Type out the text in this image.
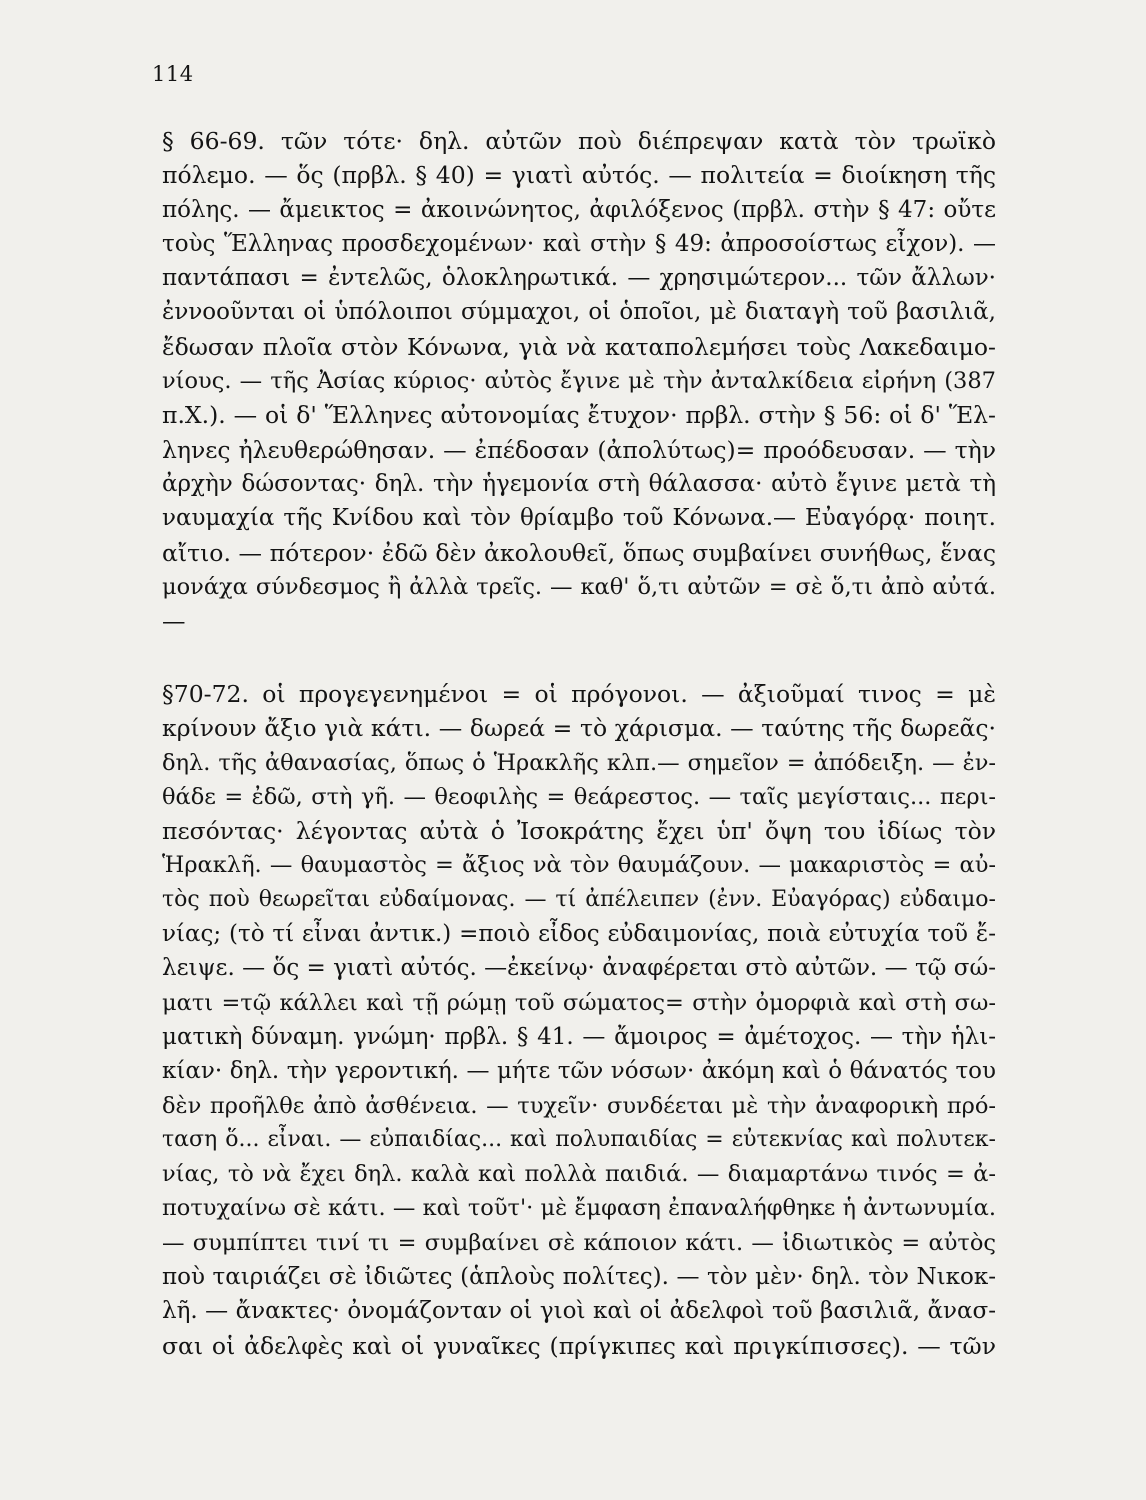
114
§ 66-69. τῶν τότε· δηλ. αὐτῶν ποὺ διέπρεψαν κατὰ τὸν τρωϊκὸ
πόλεμο. — ὅς (πρβλ. § 40) = γιατὶ αὐτός. — πολιτεία = διοίκηση τῆς
πόλης. — ἄμεικτος = ἀκοινώνητος, ἀφιλόξενος (πρβλ. στὴν § 47: οὔτε
τοὺς Ἕλληνας προσδεχομένων· καὶ στὴν § 49: ἀπροσοίστως εἶχον). —
παντάπασι = ἐντελῶς, ὁλοκληρωτικά. — χρησιμώτερον... τῶν ἄλλων·
ἐννοοῦνται οἱ ὑπόλοιποι σύμμαχοι, οἱ ὁποῖοι, μὲ διαταγὴ τοῦ βασιλιᾶ,
ἔδωσαν πλοῖα στὸν Κόνωνα, γιὰ νὰ καταπολεμήσει τοὺς Λακεδαιμο-
νίους. — τῆς Ἀσίας κύριος· αὐτὸς ἔγινε μὲ τὴν ἀνταλκίδεια εἰρήνη (387
π.Χ.). — οἱ δ' Ἕλληνες αὐτονομίας ἔτυχον· πρβλ. στὴν § 56: οἱ δ' Ἕλ-
ληνες ἠλευθερώθησαν. — ἐπέδοσαν (ἀπολύτως)= προόδευσαν. — τὴν
ἀρχὴν δώσοντας· δηλ. τὴν ἡγεμονία στὴ θάλασσα· αὐτὸ ἔγινε μετὰ τὴ
ναυμαχία τῆς Κνίδου καὶ τὸν θρίαμβο τοῦ Κόνωνα.— Εὐαγόρᾳ· ποιητ.
αἴτιο. — πότερον· ἐδῶ δὲν ἀκολουθεῖ, ὅπως συμβαίνει συνήθως, ἕνας
μονάχα σύνδεσμος ἢ ἀλλὰ τρεῖς. — καθ' ὅ,τι αὐτῶν = σὲ ὅ,τι ἀπὸ αὐτά.
—
§70-72. οἱ προγεγενημένοι = οἱ πρόγονοι. — ἀξιοῦμαί τινος = μὲ
κρίνουν ἄξιο γιὰ κάτι. — δωρεά = τὸ χάρισμα. — ταύτης τῆς δωρεᾶς·
δηλ. τῆς ἀθανασίας, ὅπως ὁ Ἡρακλῆς κλπ.— σημεῖον = ἀπόδειξη. — ἐν-
θάδε = ἐδῶ, στὴ γῆ. — θεοφιλὴς = θεάρεστος. — ταῖς μεγίσταις... περι-
πεσόντας· λέγοντας αὐτὰ ὁ Ἰσοκράτης ἔχει ὑπ' ὄψη του ἰδίως τὸν
Ἡρακλῆ. — θαυμαστὸς = ἄξιος νὰ τὸν θαυμάζουν. — μακαριστὸς = αὐ-
τὸς ποὺ θεωρεῖται εὐδαίμονας. — τί ἀπέλειπεν (ἐνν. Εὐαγόρας) εὐδαιμο-
νίας; (τὸ τί εἶναι ἀντικ.) =ποιὸ εἶδος εὐδαιμονίας, ποιὰ εὐτυχία τοῦ ἔ-
λειψε. — ὅς = γιατὶ αὐτός. —ἐκείνῳ· ἀναφέρεται στὸ αὐτῶν. — τῷ σώ-
ματι =τῷ κάλλει καὶ τῇ ρώμῃ τοῦ σώματος= στὴν ὀμορφιὰ καὶ στὴ σω-
ματικὴ δύναμη. γνώμη· πρβλ. § 41. — ἄμοιρος = ἀμέτοχος. — τὴν ἡλι-
κίαν· δηλ. τὴν γεροντική. — μήτε τῶν νόσων· ἀκόμη καὶ ὁ θάνατός του
δὲν προῆλθε ἀπὸ ἀσθένεια. — τυχεῖν· συνδέεται μὲ τὴν ἀναφορικὴ πρό-
ταση ὅ... εἶναι. — εὐπαιδίας... καὶ πολυπαιδίας = εὐτεκνίας καὶ πολυτεκ-
νίας, τὸ νὰ ἔχει δηλ. καλὰ καὶ πολλὰ παιδιά. — διαμαρτάνω τινός = ἀ-
ποτυχαίνω σὲ κάτι. — καὶ τοῦτ'· μὲ ἔμφαση ἐπαναλήφθηκε ἡ ἀντωνυμία.
— συμπίπτει τινί τι = συμβαίνει σὲ κάποιον κάτι. — ἰδιωτικὸς = αὐτὸς
ποὺ ταιριάζει σὲ ἰδιῶτες (ἁπλοὺς πολίτες). — τὸν μὲν· δηλ. τὸν Νικοκ-
λῆ. — ἄνακτες· ὀνομάζονταν οἱ γιοὶ καὶ οἱ ἀδελφοὶ τοῦ βασιλιᾶ, ἄνασ-
σαι οἱ ἀδελφὲς καὶ οἱ γυναῖκες (πρίγκιπες καὶ πριγκίπισσες). — τῶν
